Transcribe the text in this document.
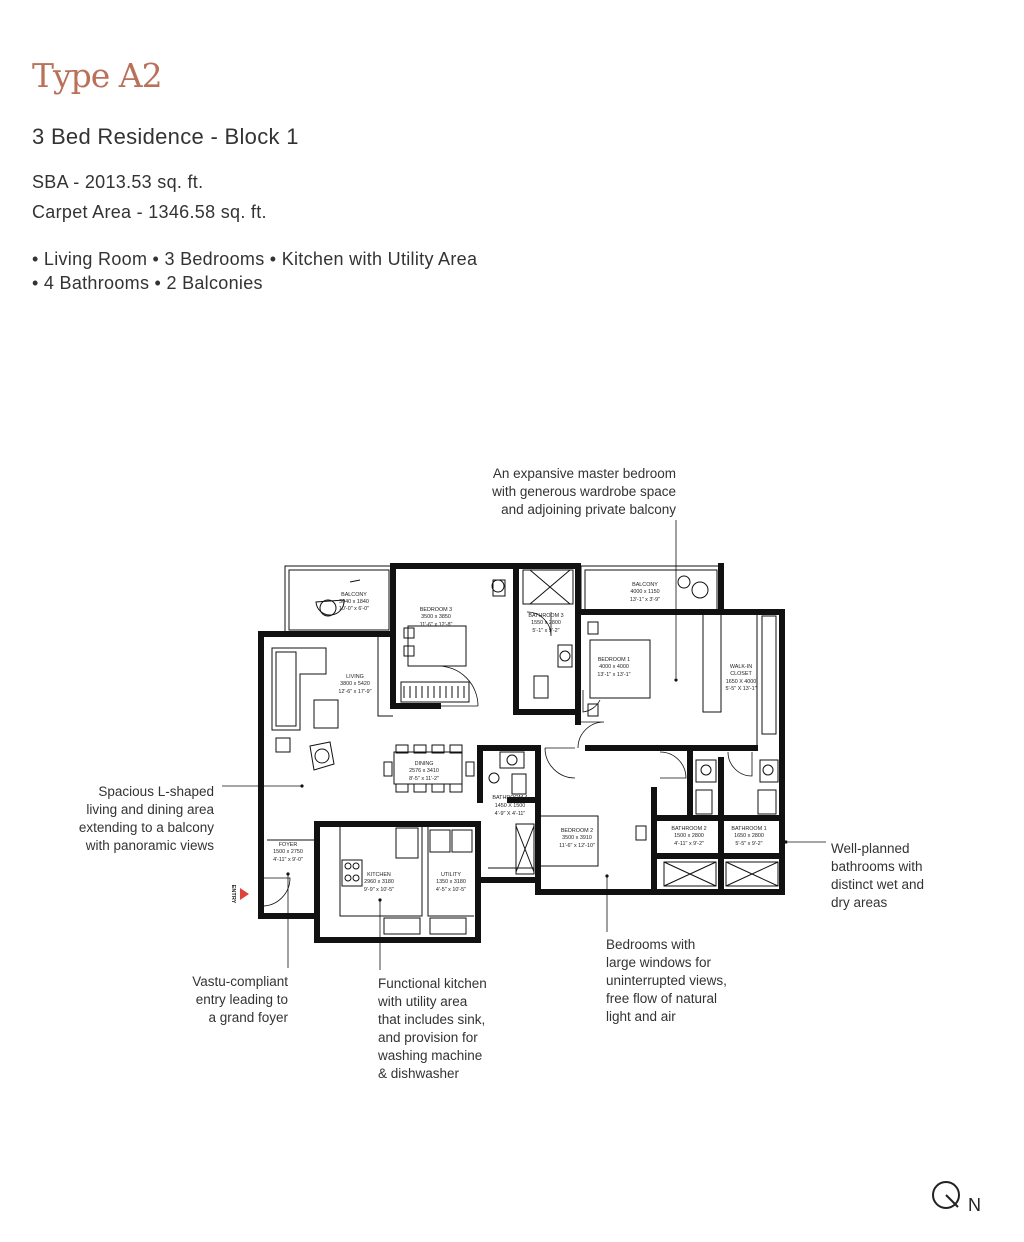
Type A2
3 Bed Residence - Block 1
SBA - 2013.53 sq. ft.
Carpet Area - 1346.58 sq. ft.
• Living Room • 3 Bedrooms • Kitchen with Utility Area
• 4 Bathrooms • 2 Balconies
An expansive master bedroom
with generous wardrobe space
and adjoining private balcony
Spacious L-shaped
living and dining area
extending to a balcony
with panoramic views	Well-planned
bathrooms with
distinct wet and
dry areas
Bedrooms with
large windows for
uninterrupted views,
free flow of natural
light and air
Functional kitchen
with utility area
that includes sink,
and provision for
washing machine
& dishwasher
Vastu-compliant
entry leading to
a grand foyer
ENTRY
BALCONY
3040 x 1840
10'-0" x 6'-0"	BEDROOM 3
3500 x 3850
11'-6" x 12'-8"
BATHROOM 3
1550 x 2800
5'-1" x 9'-2"
BALCONY
4000 x 1150
13'-1" x 3'-9"
BEDROOM 1
4000 x 4000
13'-1" x 13'-1"
WALK-IN
CLOSET
1650 X 4000
5'-5" X 13'-1"
LIVING
3800 x 5420
12'-6" x 17'-9"
DINING
2576 x 3410
8'-5" x 11'-2"
BATHROOM 4
1450 X 1500
4'-9" X 4'-11"
BEDROOM 2
3500 x 3910
11'-6" x 12'-10"
BATHROOM 2
1500 x 2800
4'-11" x 9'-2"
BATHROOM 1
1650 x 2800
5'-5" x 9'-2"
FOYER
1500 x 2750
4'-11" x 9'-0"
KITCHEN
2960 x 3180
9'-9" x 10'-5"
UTILITY
1350 x 3180
4'-5" x 10'-5"
N
